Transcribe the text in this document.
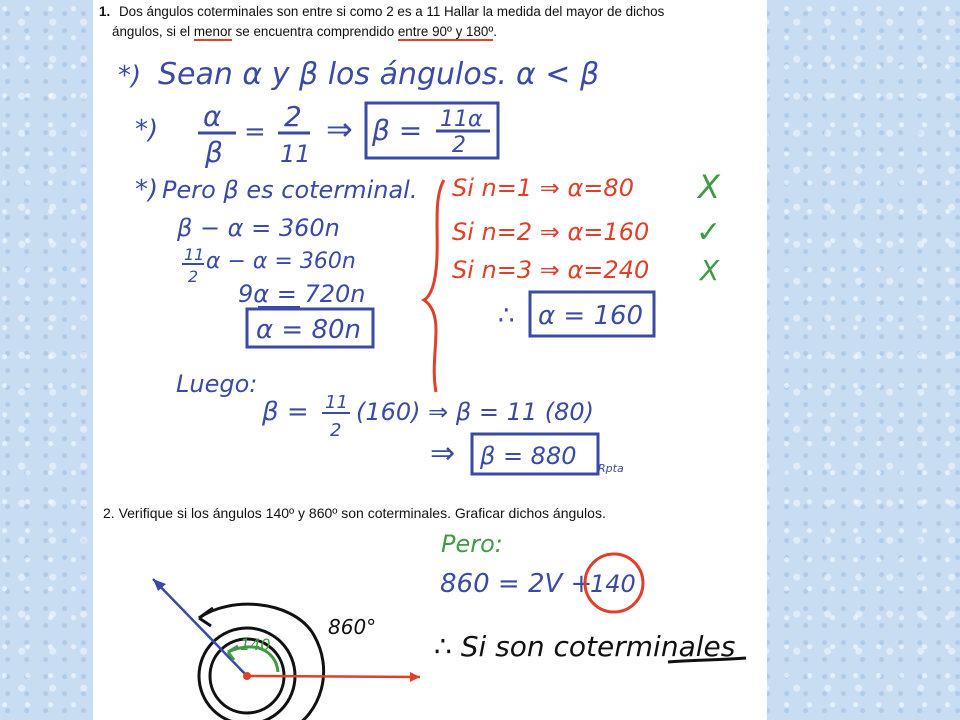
1. Dos ángulos coterminales son entre si como 2 es a 11 Hallar la medida del mayor de dichos
ángulos, si el menor se encuentra comprendido entre 90º y 180º.
2. Verifique si los ángulos 140º y 860º son coterminales. Graficar dichos ángulos.
*) Sean α y β los ángulos. α < β
*) α
β
= 2
11
⇒ β = 11α
2
*) Pero β es coterminal.
β − α = 360n
11
2
α − α = 360n
9α = 720n
α = 80n
Si n=1 ⇒ α=80 X
Si n=2 ⇒ α=160 ✓
Si n=3 ⇒ α=240 X
∴ α = 160
Luego:
β = 11
2
(160) ⇒ β = 11 (80)
⇒ β = 880 Rpta
Pero:
860 = 2V +
140
∴ Si son coterminales
140
860°
